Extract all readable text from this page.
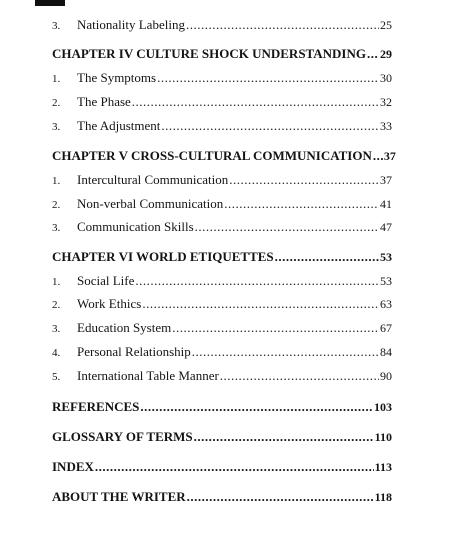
3.	Nationality Labeling .....	25
CHAPTER IV CULTURE SHOCK UNDERSTANDING ..... 29
1.	The Symptoms .....	30
2.	The Phase .....	32
3.	The Adjustment .....	33
CHAPTER V CROSS-CULTURAL COMMUNICATION ..... 37
1.	Intercultural Communication .....	37
2.	Non-verbal Communication .....	41
3.	Communication Skills .....	47
CHAPTER VI WORLD ETIQUETTES .....	53
1.	Social Life .....	53
2.	Work Ethics .....	63
3.	Education System .....	67
4.	Personal Relationship .....	84
5.	International Table Manner .....	90
REFERENCES .....	103
GLOSSARY OF TERMS .....	110
INDEX .....	113
ABOUT THE WRITER .....	118
